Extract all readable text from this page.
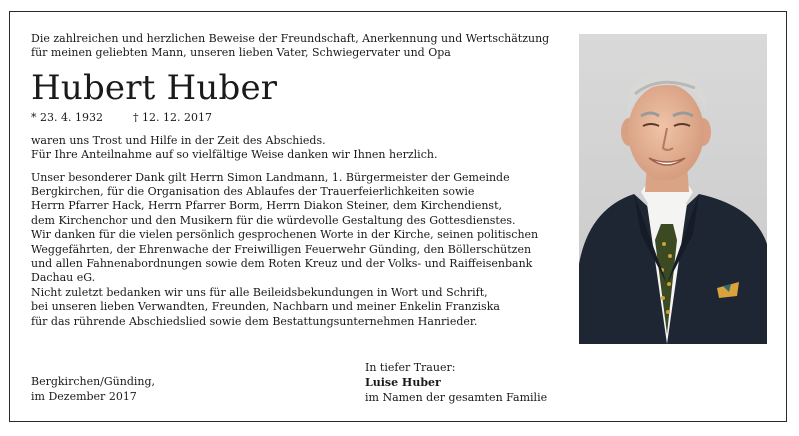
Die zahlreichen und herzlichen Beweise der Freundschaft, Anerkennung und Wertschätzung

für meinen geliebten Mann, unseren lieben Vater, Schwiegervater und Opa

Hubert Huber
* 23. 4. 1932	† 12. 12. 2017

waren uns Trost und Hilfe in der Zeit des Abschieds.

Für Ihre Anteilnahme auf so vielfältige Weise danken wir Ihnen herzlich.

Unser besonderer Dank gilt Herrn Simon Landmann, 1. Bürgermeister der Gemeinde

Bergkirchen, für die Organisation des Ablaufes der Trauerfeierlichkeiten sowie

Herrn Pfarrer Hack, Herrn Pfarrer Borm, Herrn Diakon Steiner, dem Kirchendienst,

dem Kirchenchor und den Musikern für die würdevolle Gestaltung des Gottesdienstes.

Wir danken für die vielen persönlich gesprochenen Worte in der Kirche, seinen politischen

Weggefährten, der Ehrenwache der Freiwilligen Feuerwehr Günding, den Böllerschützen

und allen Fahnenabordnungen sowie dem Roten Kreuz und der Volks- und Raiffeisenbank

Dachau eG.

Nicht zuletzt bedanken wir uns für alle Beileidsbekundungen in Wort und Schrift,

bei unseren lieben Verwandten, Freunden, Nachbarn und meiner Enkelin Franziska

für das rührende Abschiedslied sowie dem Bestattungsunternehmen Hanrieder.

Bergkirchen/Günding,
im Dezember 2017
In tiefer Trauer:
Luise Huber
im Namen der gesamten Familie
